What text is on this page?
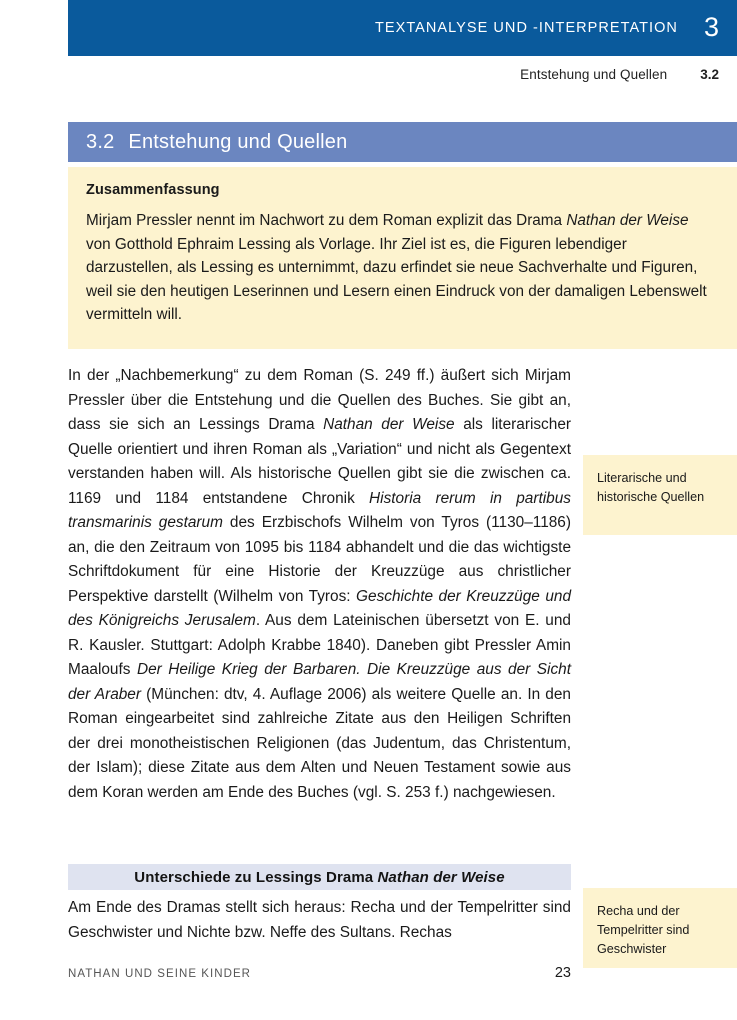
TEXTANALYSE UND -INTERPRETATION 3
Entstehung und Quellen 3.2
3.2 Entstehung und Quellen
Zusammenfassung

Mirjam Pressler nennt im Nachwort zu dem Roman explizit das Drama Nathan der Weise von Gotthold Ephraim Lessing als Vorlage. Ihr Ziel ist es, die Figuren lebendiger darzustellen, als Lessing es unternimmt, dazu erfindet sie neue Sachverhalte und Figuren, weil sie den heutigen Leserinnen und Lesern einen Eindruck von der damaligen Lebenswelt vermitteln will.

In der „Nachbemerkung“ zu dem Roman (S. 249 ff.) äußert sich Mirjam Pressler über die Entstehung und die Quellen des Buches. Sie gibt an, dass sie sich an Lessings Drama Nathan der Weise als literarischer Quelle orientiert und ihren Roman als „Variation“ und nicht als Gegentext verstanden haben will. Als historische Quellen gibt sie die zwischen ca. 1169 und 1184 entstandene Chronik Historia rerum in partibus transmarinis gestarum des Erzbischofs Wilhelm von Tyros (1130–1186) an, die den Zeitraum von 1095 bis 1184 abhandelt und die das wichtigste Schriftdokument für eine Historie der Kreuzzüge aus christlicher Perspektive darstellt (Wilhelm von Tyros: Geschichte der Kreuzzüge und des Königreichs Jerusalem. Aus dem Lateinischen übersetzt von E. und R. Kausler. Stuttgart: Adolph Krabbe 1840). Daneben gibt Pressler Amin Maaloufs Der Heilige Krieg der Barbaren. Die Kreuzzüge aus der Sicht der Araber (München: dtv, 4. Auflage 2006) als weitere Quelle an. In den Roman eingearbeitet sind zahlreiche Zitate aus den Heiligen Schriften der drei monotheistischen Religionen (das Judentum, das Christentum, der Islam); diese Zitate aus dem Alten und Neuen Testament sowie aus dem Koran werden am Ende des Buches (vgl. S. 253 f.) nachgewiesen.

Unterschiede zu Lessings Drama Nathan der Weise

Am Ende des Dramas stellt sich heraus: Recha und der Tempelritter sind Geschwister und Nichte bzw. Neffe des Sultans. Rechas

Literarische und historische Quellen
Recha und der Tempelritter sind Geschwister
NATHAN UND SEINE KINDER	23
